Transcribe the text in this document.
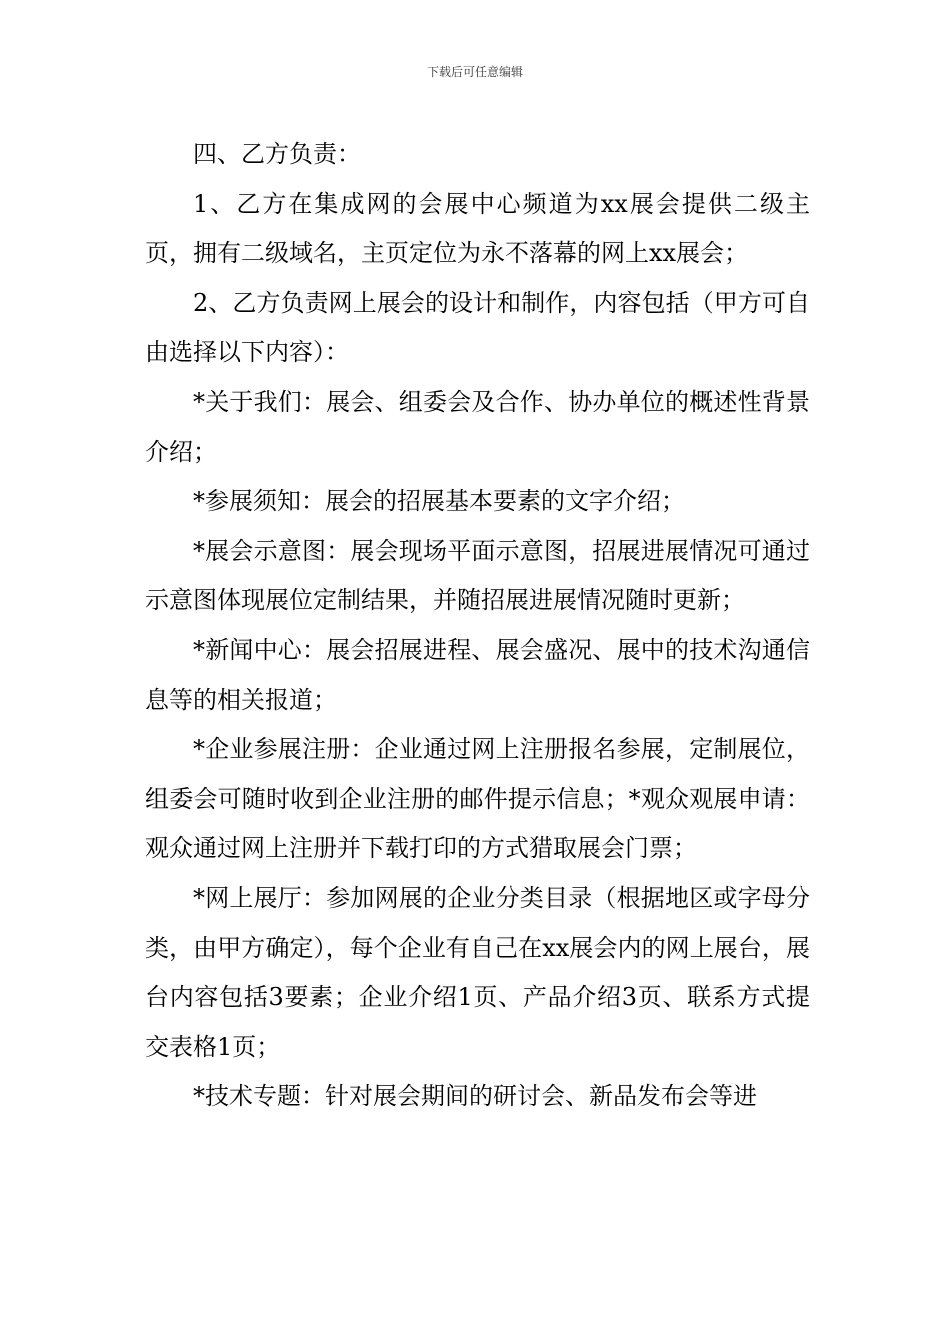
下载后可任意编辑

四、乙方负责：

1、乙方在集成网的会展中心频道为xx展会提供二级主页，拥有二级域名，主页定位为永不落幕的网上xx展会；

2、乙方负责网上展会的设计和制作，内容包括（甲方可自由选择以下内容）：

*关于我们：展会、组委会及合作、协办单位的概述性背景介绍；

*参展须知：展会的招展基本要素的文字介绍；

*展会示意图：展会现场平面示意图，招展进展情况可通过示意图体现展位定制结果，并随招展进展情况随时更新；

*新闻中心：展会招展进程、展会盛况、展中的技术沟通信息等的相关报道；

*企业参展注册：企业通过网上注册报名参展，定制展位，组委会可随时收到企业注册的邮件提示信息；*观众观展申请：观众通过网上注册并下载打印的方式猎取展会门票；

*网上展厅：参加网展的企业分类目录（根据地区或字母分类，由甲方确定），每个企业有自己在xx展会内的网上展台，展台内容包括3要素；企业介绍1页、产品介绍3页、联系方式提交表格1页；

*技术专题：针对展会期间的研讨会、新品发布会等进
